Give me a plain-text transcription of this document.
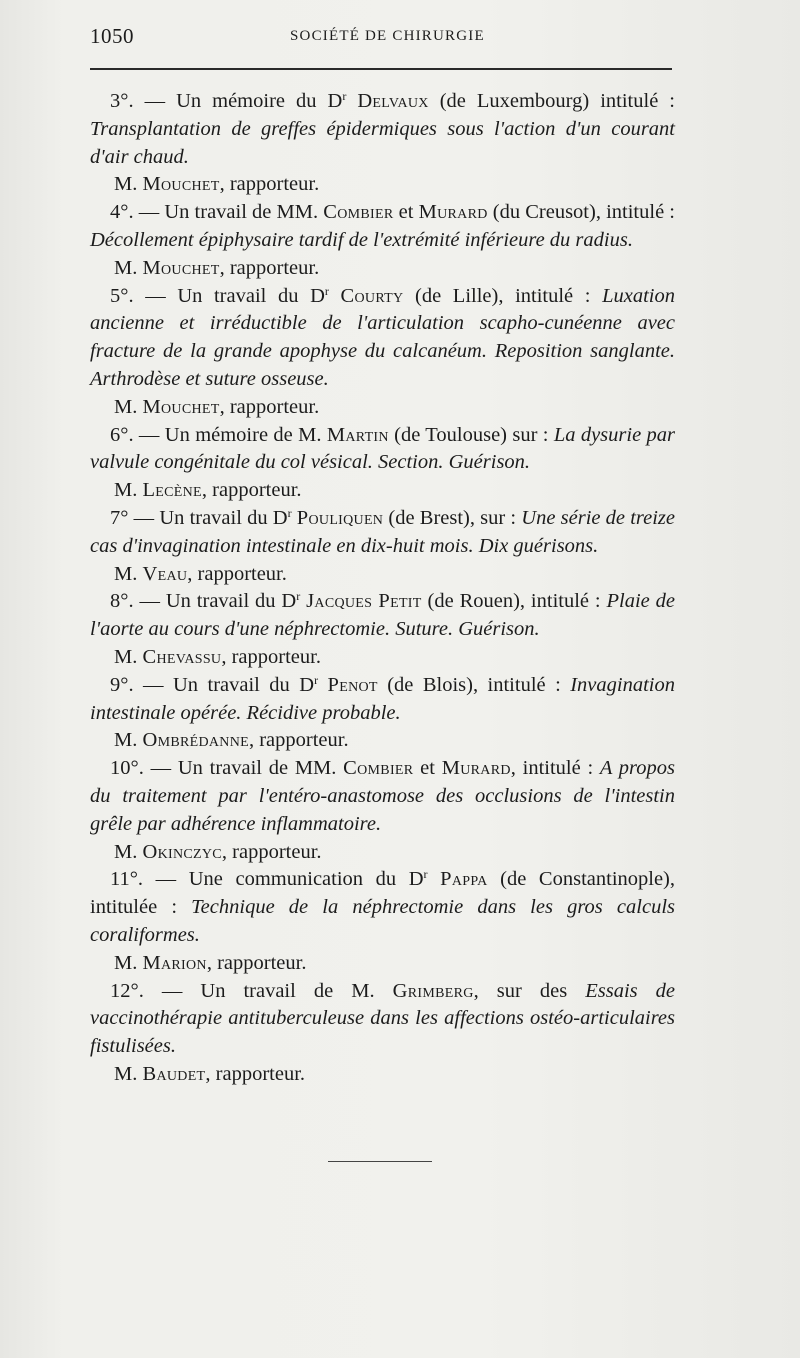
1050	SOCIÉTÉ DE CHIRURGIE

3°. — Un mémoire du $D^r$ Delvaux (de Luxembourg) intitulé : Transplantation de greffes épidermiques sous l'action d'un courant d'air chaud.

M. Mouchet, rapporteur.

4°. — Un travail de MM. Combier et Murard (du Creusot), intitulé : Décollement épiphysaire tardif de l'extrémité inférieure du radius.

M. Mouchet, rapporteur.

5°. — Un travail du $D^r$ Courty (de Lille), intitulé : Luxation ancienne et irréductible de l'articulation scapho-cunéenne avec fracture de la grande apophyse du calcanéum. Reposition sanglante. Arthrodèse et suture osseuse.

M. Mouchet, rapporteur.

6°. — Un mémoire de M. Martin (de Toulouse) sur : La dysurie par valvule congénitale du col vésical. Section. Guérison.

M. Lecène, rapporteur.

7° — Un travail du $D^r$ Pouliquen (de Brest), sur : Une série de treize cas d'invagination intestinale en dix-huit mois. Dix guérisons.

M. Veau, rapporteur.

8°. — Un travail du $D^r$ Jacques Petit (de Rouen), intitulé : Plaie de l'aorte au cours d'une néphrectomie. Suture. Guérison.

M. Chevassu, rapporteur.

9°. — Un travail du $D^r$ Penot (de Blois), intitulé : Invagination intestinale opérée. Récidive probable.

M. Ombrédanne, rapporteur.

10°. — Un travail de MM. Combier et Murard, intitulé : A propos du traitement par l'entéro-anastomose des occlusions de l'intestin grêle par adhérence inflammatoire.

M. Okinczyc, rapporteur.

11°. — Une communication du $D^r$ Pappa (de Constantinople), intitulée : Technique de la néphrectomie dans les gros calculs coraliformes.

M. Marion, rapporteur.

12°. — Un travail de M. Grimberg, sur des Essais de vaccinothérapie antituberculeuse dans les affections ostéo-articulaires fistulisées.

M. Baudet, rapporteur.
